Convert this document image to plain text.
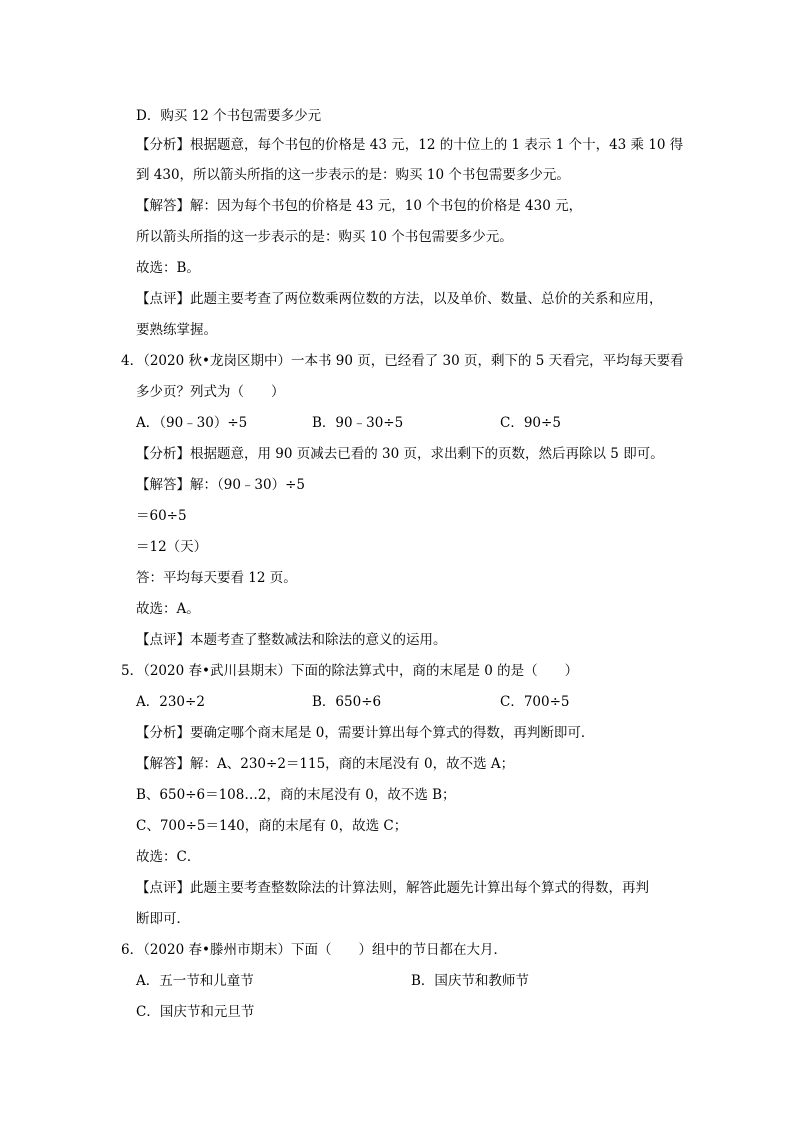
D．购买 12 个书包需要多少元
【分析】根据题意，每个书包的价格是 43 元，12 的十位上的 1 表示 1 个十，43 乘 10 得
到 430，所以箭头所指的这一步表示的是：购买 10 个书包需要多少元。
【解答】解：因为每个书包的价格是 43 元，10 个书包的价格是 430 元，
所以箭头所指的这一步表示的是：购买 10 个书包需要多少元。
故选：B。
【点评】此题主要考查了两位数乘两位数的方法，以及单价、数量、总价的关系和应用，
要熟练掌握。
4．（2020 秋•龙岗区期中）一本书 90 页，已经看了 30 页，剩下的 5 天看完，平均每天要看
多少页？列式为（　　）
A．（90﹣30）÷5	B．90﹣30÷5	C．90÷5
【分析】根据题意，用 90 页减去已看的 30 页，求出剩下的页数，然后再除以 5 即可。
【解答】解：（90﹣30）÷5
＝60÷5
＝12（天）
答：平均每天要看 12 页。
故选：A。
【点评】本题考查了整数减法和除法的意义的运用。
5．（2020 春•武川县期末）下面的除法算式中，商的末尾是 0 的是（　　）
A．230÷2	B．650÷6	C．700÷5
【分析】要确定哪个商末尾是 0，需要计算出每个算式的得数，再判断即可．
【解答】解：A、230÷2＝115，商的末尾没有 0，故不选 A；
B、650÷6＝108…2，商的末尾没有 0，故不选 B；
C、700÷5＝140，商的末尾有 0，故选 C；
故选：C．
【点评】此题主要考查整数除法的计算法则，解答此题先计算出每个算式的得数，再判
断即可．
6．（2020 春•滕州市期末）下面（　　）组中的节日都在大月．
A．五一节和儿童节	B．国庆节和教师节
C．国庆节和元旦节
